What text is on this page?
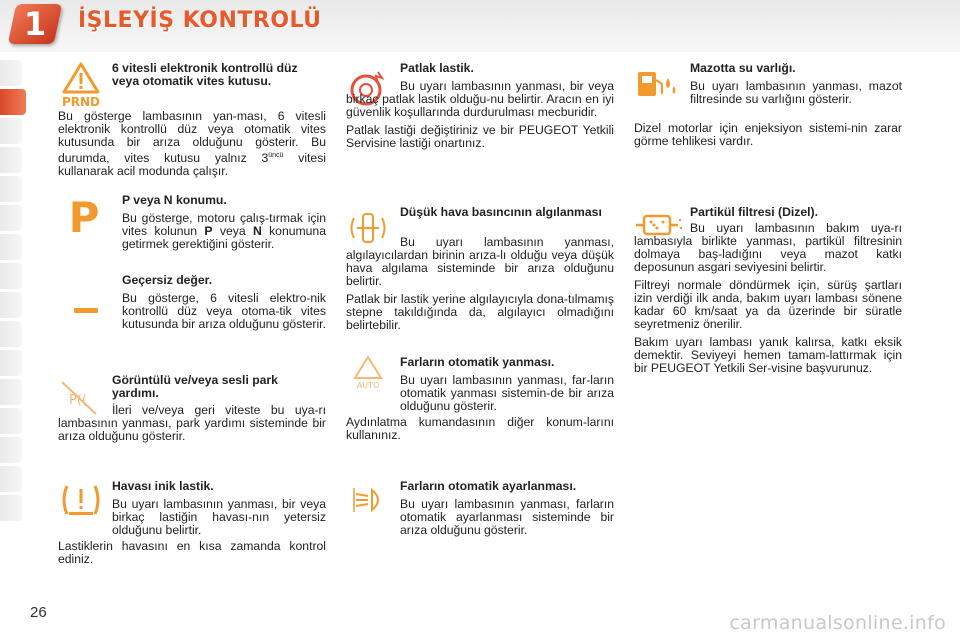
1	İŞLEYİŞ KONTROLÜ
PRND
P
P((
6 vitesli elektronik kontrollü düz veya otomatik vites kutusu.

Bu gösterge lambasının yan-ması, 6 vitesli elektronik kontrollü düz veya otomatik vites kutusunda bir arıza olduğunu gösterir. Bu durumda, vites kutusu yalnız $3^{üncü}$ vitesi kullanarak acil modunda çalışır.

P veya N konumu.

Bu gösterge, motoru çalış-tırmak için vites kolunun P veya N konumuna getirmek gerektiğini gösterir.

Geçersiz değer.

Bu gösterge, 6 vitesli elektro-nik kontrollü düz veya otoma-tik vites kutusunda bir arıza olduğunu gösterir.

Görüntülü ve/veya sesli park yardımı.

İleri ve/veya geri viteste bu uya-rı lambasının yanması, park yardımı sisteminde bir arıza olduğunu gösterir.

Havası inik lastik.

Bu uyarı lambasının yanması, bir veya birkaç lastiğin havası-nın yetersiz olduğunu belirtir.

Lastiklerin havasını en kısa zamanda kontrol ediniz.

AUTO
Patlak lastik.

Bu uyarı lambasının yanması, bir veya birkaç patlak lastik olduğu-nu belirtir. Aracın en iyi güvenlik koşullarında durdurulması mecburidir.

Patlak lastiği değiştiriniz ve bir PEUGEOT Yetkili Servisine lastiği onartınız.

Düşük hava basıncının algılanması

Bu uyarı lambasının yanması, algılayıcılardan birinin arıza-lı olduğu veya düşük hava algılama sisteminde bir arıza olduğunu belirtir.

Patlak bir lastik yerine algılayıcıyla dona-tılmamış stepne takıldığında da, algılayıcı olmadığını belirtebilir.

Farların otomatik yanması.

Bu uyarı lambasının yanması, far-ların otomatik yanması sistemin-de bir arıza olduğunu gösterir.

Aydınlatma kumandasının diğer konum-larını kullanınız.

Farların otomatik ayarlanması.

Bu uyarı lambasının yanması, farların otomatik ayarlanması sisteminde bir arıza olduğunu gösterir.

Mazotta su varlığı.

Bu uyarı lambasının yanması, mazot filtresinde su varlığını gösterir.

Dizel motorlar için enjeksiyon sistemi-nin zarar görme tehlikesi vardır.

Partikül filtresi (Dizel).

Bu uyarı lambasının bakım uya-rı lambasıyla birlikte yanması, partikül filtresinin dolmaya baş-ladığını veya mazot katkı deposunun asgari seviyesini belirtir.

Filtreyi normale döndürmek için, sürüş şartları izin verdiği ilk anda, bakım uyarı lambası sönene kadar 60 km/saat ya da üzerinde bir süratle seyretmeniz önerilir.

Bakım uyarı lambası yanık kalırsa, katkı eksik demektir. Seviyeyi hemen tamam-lattırmak için bir PEUGEOT Yetkili Ser-visine başvurunuz.

26	carmanualsonline.info
